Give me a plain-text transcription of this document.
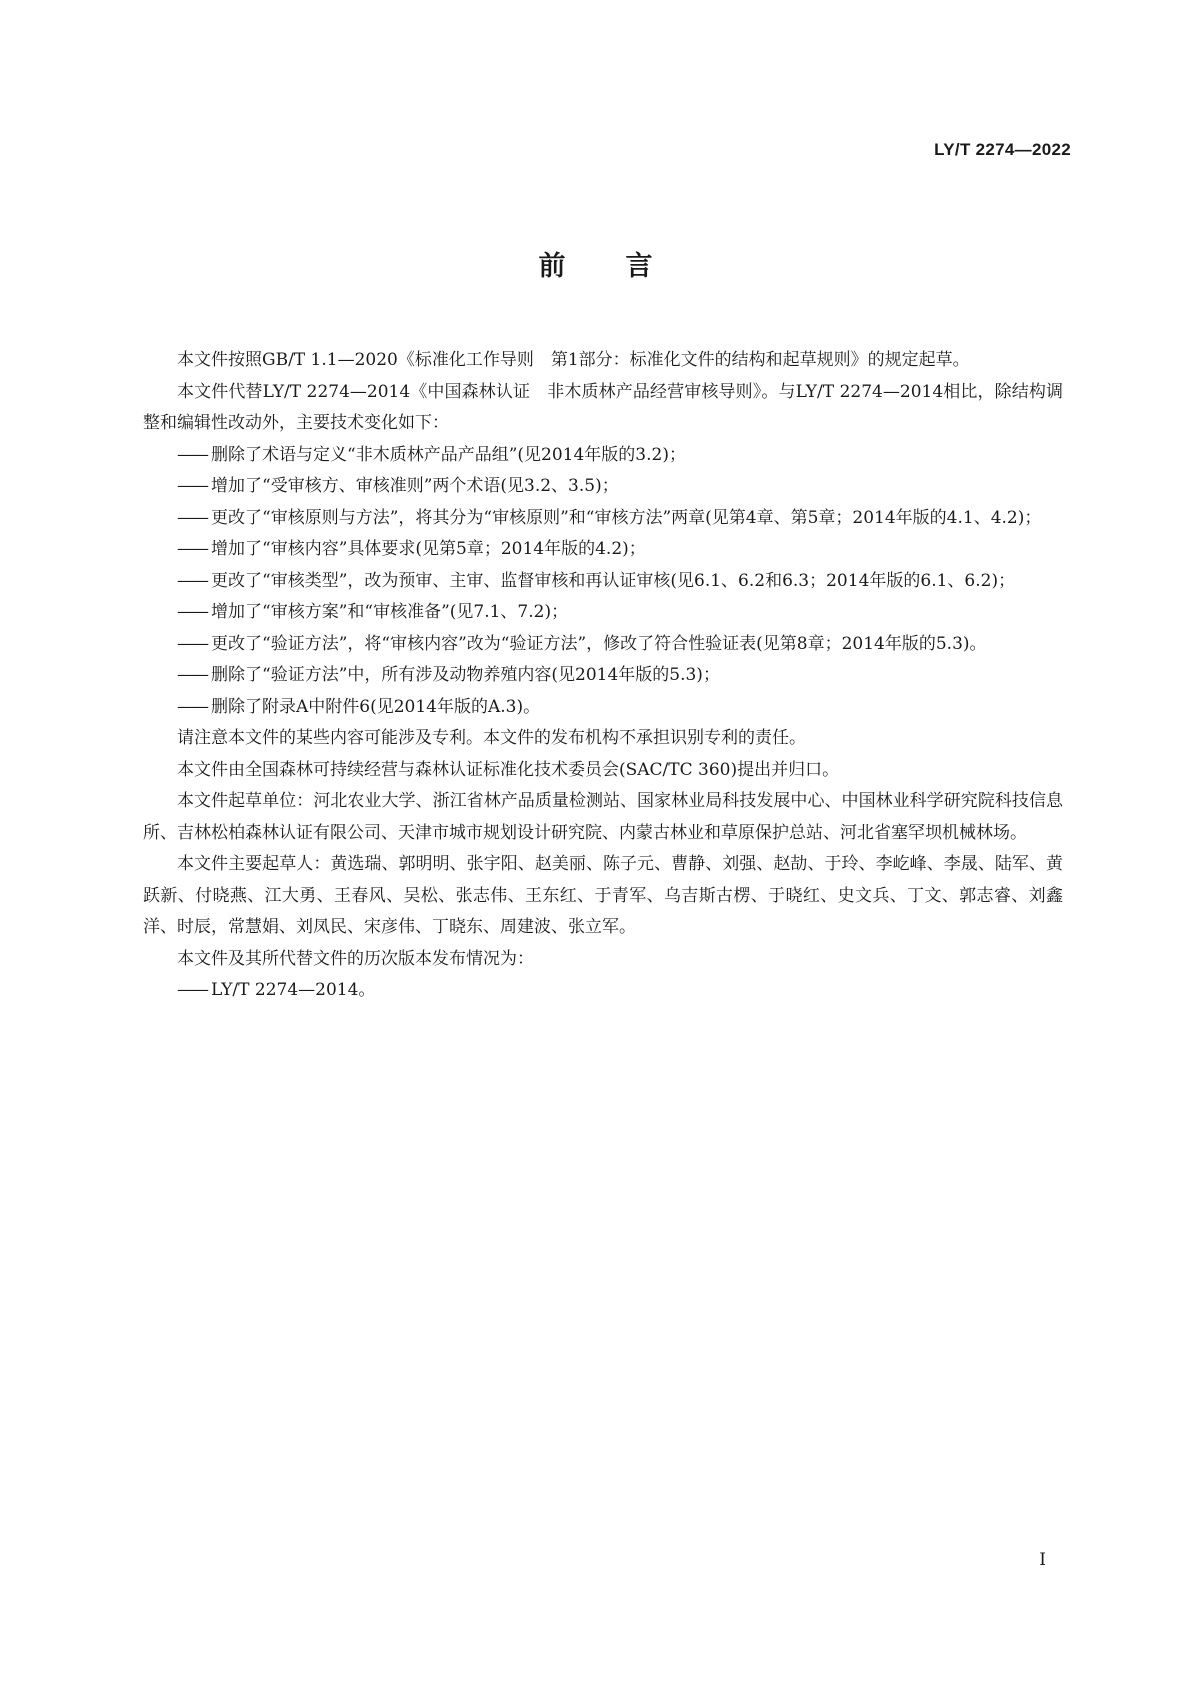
LY/T 2274—2022
前 言

本文件按照GB/T 1.1—2020《标准化工作导则　第1部分：标准化文件的结构和起草规则》的规定起草。

本文件代替LY/T 2274—2014《中国森林认证　非木质林产品经营审核导则》。与LY/T 2274—2014相比，除结构调整和编辑性改动外，主要技术变化如下：

—— 删除了术语与定义“非木质林产品产品组”(见2014年版的3.2)；

—— 增加了“受审核方、审核准则”两个术语(见3.2、3.5)；

—— 更改了“审核原则与方法”，将其分为“审核原则”和“审核方法”两章(见第4章、第5章；2014年版的4.1、4.2)；

—— 增加了“审核内容”具体要求(见第5章；2014年版的4.2)；

—— 更改了“审核类型”，改为预审、主审、监督审核和再认证审核(见6.1、6.2和6.3；2014年版的6.1、6.2)；

—— 增加了“审核方案”和“审核准备”(见7.1、7.2)；

—— 更改了“验证方法”，将“审核内容”改为“验证方法”，修改了符合性验证表(见第8章；2014年版的5.3)。

—— 删除了“验证方法”中，所有涉及动物养殖内容(见2014年版的5.3)；

—— 删除了附录A中附件6(见2014年版的A.3)。

请注意本文件的某些内容可能涉及专利。本文件的发布机构不承担识别专利的责任。

本文件由全国森林可持续经营与森林认证标准化技术委员会(SAC/TC 360)提出并归口。

本文件起草单位：河北农业大学、浙江省林产品质量检测站、国家林业局科技发展中心、中国林业科学研究院科技信息所、吉林松柏森林认证有限公司、天津市城市规划设计研究院、内蒙古林业和草原保护总站、河北省塞罕坝机械林场。

本文件主要起草人：黄选瑞、郭明明、张宇阳、赵美丽、陈子元、曹静、刘强、赵劼、于玲、李屹峰、李晟、陆军、黄跃新、付晓燕、江大勇、王春风、吴松、张志伟、王东红、于青军、乌吉斯古楞、于晓红、史文兵、丁文、郭志睿、刘鑫洋、时辰，常慧娟、刘凤民、宋彦伟、丁晓东、周建波、张立军。

本文件及其所代替文件的历次版本发布情况为：

—— LY/T 2274—2014。

I
